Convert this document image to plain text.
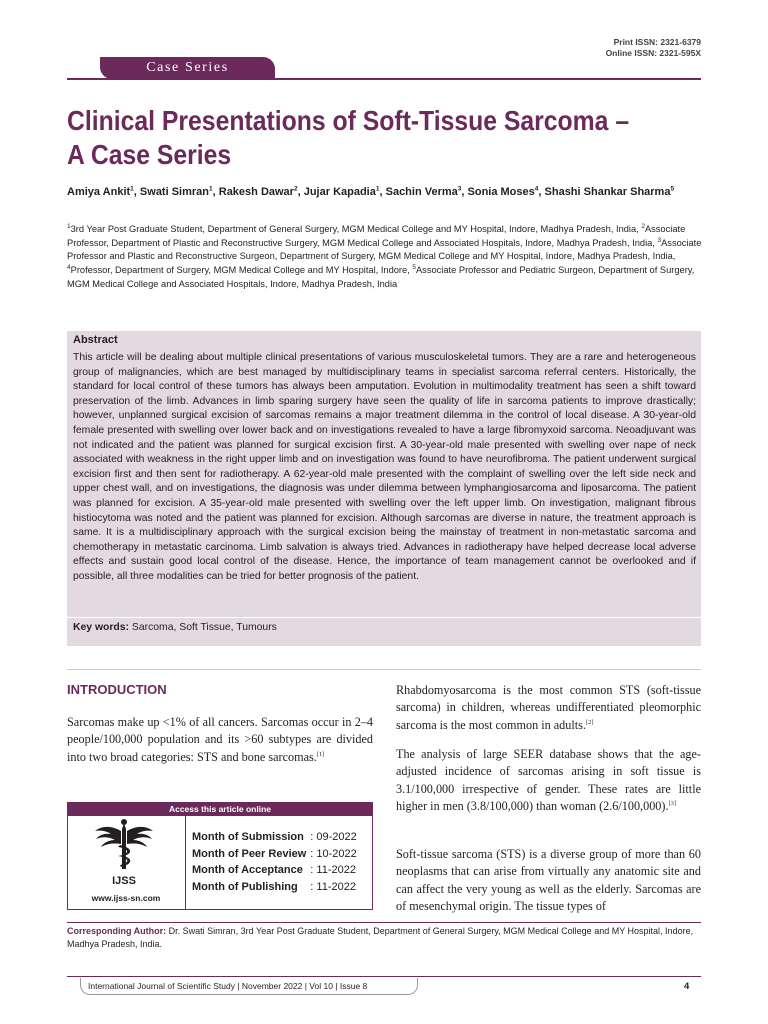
Print ISSN: 2321-6379
Online ISSN: 2321-595X
Case Series
Clinical Presentations of Soft-Tissue Sarcoma – A Case Series
Amiya Ankit$^1$, Swati Simran$^1$, Rakesh Dawar$^2$, Jujar Kapadia$^1$, Sachin Verma$^3$, Sonia Moses$^4$, Shashi Shankar Sharma$^5$
$^1$3rd Year Post Graduate Student, Department of General Surgery, MGM Medical College and MY Hospital, Indore, Madhya Pradesh, India, $^2$Associate Professor, Department of Plastic and Reconstructive Surgery, MGM Medical College and Associated Hospitals, Indore, Madhya Pradesh, India, $^3$Associate Professor and Plastic and Reconstructive Surgeon, Department of Surgery, MGM Medical College and MY Hospital, Indore, Madhya Pradesh, India, $^4$Professor, Department of Surgery, MGM Medical College and MY Hospital, Indore, $^5$Associate Professor and Pediatric Surgeon, Department of Surgery, MGM Medical College and Associated Hospitals, Indore, Madhya Pradesh, India
Abstract
This article will be dealing about multiple clinical presentations of various musculoskeletal tumors. They are a rare and heterogeneous group of malignancies, which are best managed by multidisciplinary teams in specialist sarcoma referral centers. Historically, the standard for local control of these tumors has always been amputation. Evolution in multimodality treatment has seen a shift toward preservation of the limb. Advances in limb sparing surgery have seen the quality of life in sarcoma patients to improve drastically; however, unplanned surgical excision of sarcomas remains a major treatment dilemma in the control of local disease. A 30-year-old female presented with swelling over lower back and on investigations revealed to have a large fibromyxoid sarcoma. Neoadjuvant was not indicated and the patient was planned for surgical excision first. A 30-year-old male presented with swelling over nape of neck associated with weakness in the right upper limb and on investigation was found to have neurofibroma. The patient underwent surgical excision first and then sent for radiotherapy. A 62-year-old male presented with the complaint of swelling over the left side neck and upper chest wall, and on investigations, the diagnosis was under dilemma between lymphangiosarcoma and liposarcoma. The patient was planned for excision. A 35-year-old male presented with swelling over the left upper limb. On investigation, malignant fibrous histiocytoma was noted and the patient was planned for excision. Although sarcomas are diverse in nature, the treatment approach is same. It is a multidisciplinary approach with the surgical excision being the mainstay of treatment in non-metastatic sarcoma and chemotherapy in metastatic carcinoma. Limb salvation is always tried. Advances in radiotherapy have helped decrease local adverse effects and sustain good local control of the disease. Hence, the importance of team management cannot be overlooked and if possible, all three modalities can be tried for better prognosis of the patient.
Key words: Sarcoma, Soft Tissue, Tumours
INTRODUCTION
Sarcomas make up <1% of all cancers. Sarcomas occur in 2–4 people/100,000 population and its >60 subtypes are divided into two broad categories: STS and bone sarcomas.[1]
Rhabdomyosarcoma is the most common STS (soft-tissue sarcoma) in children, whereas undifferentiated pleomorphic sarcoma is the most common in adults.[2]
The analysis of large SEER database shows that the age-adjusted incidence of sarcomas arising in soft tissue is 3.1/100,000 irrespective of gender. These rates are little higher in men (3.8/100,000) than woman (2.6/100,000).[3]
Soft-tissue sarcoma (STS) is a diverse group of more than 60 neoplasms that can arise from virtually any anatomic site and can affect the very young as well as the elderly. Sarcomas are of mesenchymal origin. The tissue types of
Access this article online
IJSS
www.ijss-sn.com
Month of Submission	: 09-2022
Month of Peer Review	: 10-2022
Month of Acceptance	: 11-2022
Month of Publishing	: 11-2022
Corresponding Author: Dr. Swati Simran, 3rd Year Post Graduate Student, Department of General Surgery, MGM Medical College and MY Hospital, Indore, Madhya Pradesh, India.
International Journal of Scientific Study | November 2022 | Vol 10 | Issue 8	4
